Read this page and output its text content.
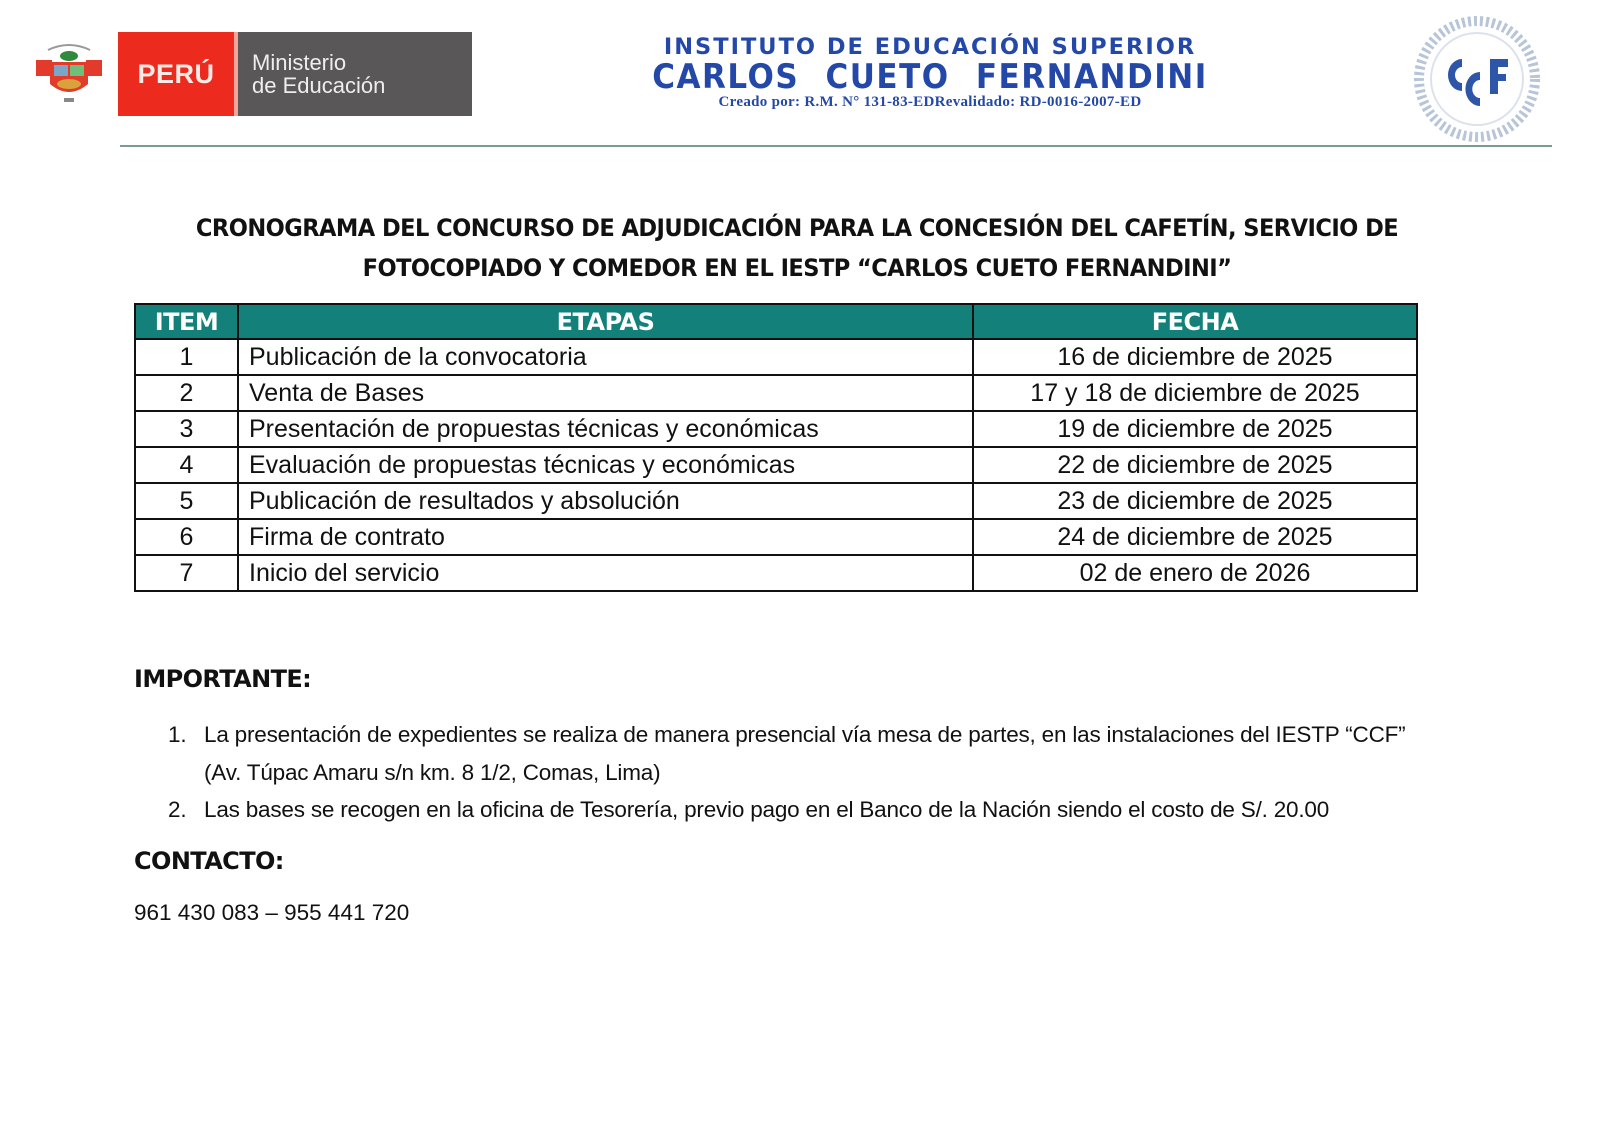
PERÚ	Ministerio
de Educación
INSTITUTO DE EDUCACIÓN SUPERIOR
CARLOS CUETO FERNANDINI
Creado por: R.M. N° 131-83-EDRevalidado: RD-0016-2007-ED
CRONOGRAMA DEL CONCURSO DE ADJUDICACIÓN PARA LA CONCESIÓN DEL CAFETÍN, SERVICIO DE
FOTOCOPIADO Y COMEDOR EN EL IESTP “CARLOS CUETO FERNANDINI”
ITEM	ETAPAS	FECHA
1	Publicación de la convocatoria	16 de diciembre de 2025
2	Venta de Bases	17 y 18 de diciembre de 2025
3	Presentación de propuestas técnicas y económicas	19 de diciembre de 2025
4	Evaluación de propuestas técnicas y económicas	22 de diciembre de 2025
5	Publicación de resultados y absolución	23 de diciembre de 2025
6	Firma de contrato	24 de diciembre de 2025
7	Inicio del servicio	02 de enero de 2026
IMPORTANTE:
1. La presentación de expedientes se realiza de manera presencial vía mesa de partes, en las instalaciones del IESTP “CCF”
(Av. Túpac Amaru s/n km. 8 1/2, Comas, Lima)
2. Las bases se recogen en la oficina de Tesorería, previo pago en el Banco de la Nación siendo el costo de S/. 20.00
CONTACTO:
961 430 083 – 955 441 720
